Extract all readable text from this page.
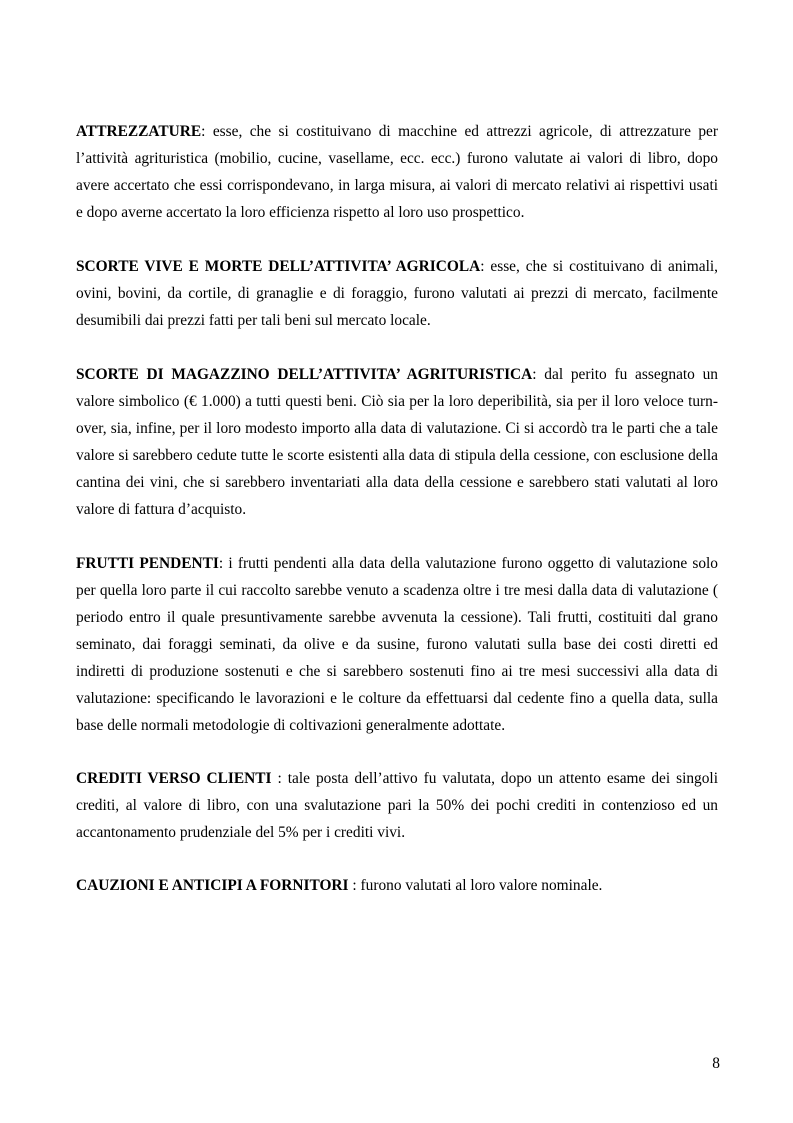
ATTREZZATURE: esse, che si costituivano di macchine ed attrezzi agricole, di attrezzature per l’attività agrituristica (mobilio, cucine, vasellame, ecc. ecc.) furono valutate ai valori di libro, dopo avere accertato che essi corrispondevano, in larga misura, ai valori di mercato relativi ai rispettivi usati e dopo averne accertato la loro efficienza rispetto al loro uso prospettico.

SCORTE VIVE E MORTE DELL’ATTIVITA’ AGRICOLA: esse, che si costituivano di animali, ovini, bovini, da cortile, di granaglie e di foraggio, furono valutati ai prezzi di mercato, facilmente desumibili dai prezzi fatti per tali beni sul mercato locale.

SCORTE DI MAGAZZINO DELL’ATTIVITA’ AGRITURISTICA: dal perito fu assegnato un valore simbolico (€ 1.000) a tutti questi beni. Ciò sia per la loro deperibilità, sia per il loro veloce turn-over, sia, infine, per il loro modesto importo alla data di valutazione. Ci si accordò tra le parti che a tale valore si sarebbero cedute tutte le scorte esistenti alla data di stipula della cessione, con esclusione della cantina dei vini, che si sarebbero inventariati alla data della cessione e sarebbero stati valutati al loro valore di fattura d’acquisto.

FRUTTI PENDENTI: i frutti pendenti alla data della valutazione furono oggetto di valutazione solo per quella loro parte il cui raccolto sarebbe venuto a scadenza oltre i tre mesi dalla data di valutazione ( periodo entro il quale presuntivamente sarebbe avvenuta la cessione). Tali frutti, costituiti dal grano seminato, dai foraggi seminati, da olive e da susine, furono valutati sulla base dei costi diretti ed indiretti di produzione sostenuti e che si sarebbero sostenuti fino ai tre mesi successivi alla data di valutazione: specificando le lavorazioni e le colture da effettuarsi dal cedente fino a quella data, sulla base delle normali metodologie di coltivazioni generalmente adottate.

CREDITI VERSO CLIENTI : tale posta dell’attivo fu valutata, dopo un attento esame dei singoli crediti, al valore di libro, con una svalutazione pari la 50% dei pochi crediti in contenzioso ed un accantonamento prudenziale del 5% per i crediti vivi.

CAUZIONI E ANTICIPI A FORNITORI : furono valutati al loro valore nominale.

8
